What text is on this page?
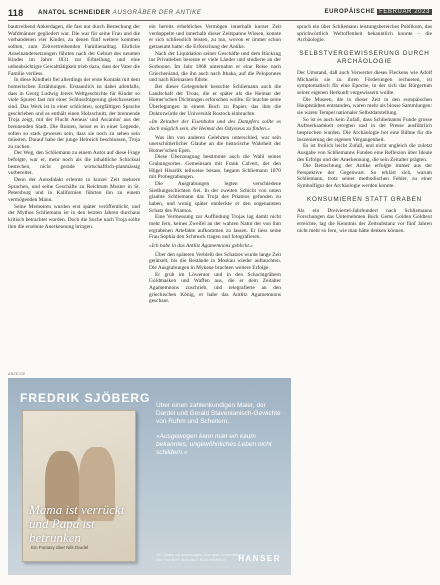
118 ANATOL SCHNEIDER AUSGRÄBER DER ANTIKE	EUROPÄISCHE FEBRUAR 2023

bautrreibend Ankerdagen, die fast nur durch Bestechung der Wafdmänner gegliedert war. Die war für seine Frau und die vorhandenen vier Kinder, zu denen fünf weitere kommen sollten, zum Zeitvertreibenden Familienalltag. Ehrliche Auseinandersetzungen führten nach der Geburt des neunten Kindes im Jahre 1831 zur Erbteilung, und eine unbeabsichtigte Gewalttätigkeit trieb dazu, dass der Vater die Familie verliess.

In diese Kindheit fiel allerdings der erste Kontakt mit dem homerischen Erzählungen. Erstaunlich ist dabei allenfalls, dass in Georg Ludwig Jerers Weltgeschichte für Kinder so viele Spuren fast mit einer Schlussfolgerung gleichzusetzen sind. Das Werk ist in einer schlichten, sorgfältigen Sprache geschrieben und es enthält einen Holzschnitt, der brennende Troja zeigt, mit der Flucht Aeneas' und Ascanius' aus der brennenden Stadt. Die Ruinen, heisst es in einer Legende, sollen so stark gewesen sein, dass sie noch zu sehen sein müssten. Darauf habe der junge Heinrich beschlossen, Troja zu suchen.

Der Weg, den Schliemann zu einem Autor auf diese Frage befolgte, war er, mehr noch als die inhaltliche Schicksal bestechen, nicht gerade wirtschaftlich-planmässig vorbereitet.

Denn der Autodidakt erlernte in kurzer Zeit mehrere Sprachen, und seine Geschäfte zu Reichtum Muster in St. Petersburg und in Kalifornien führten ihn zu einem vermögenden Mann.

Seine Memoiren wurden erst später veröffentlicht, und der Mythos Schliemann ist in den letzten Jahren durchaus kritisch betrachtet worden. Doch die Suche nach Troja sollte ihm die ersehnte Anerkennung bringen.

ein bereits erhebliches Vermögen innerhalb kurzer Zeit verdoppelte und innerhalb dieser Zeitspanne Wissen, konnte er sich schliesslich leisten, zu tun, wovon er immer schon getraeumt hatte: die Erforschung der Antike.

Nach der Liquidation seiner Geschäfte und dem Rückzug ins Privatleben bereiste er viele Länder und studierte an der Sorbonne. Im Jahr 1868 unternahm er eine Reise nach Griechenland, die ihn auch nach Ithaka, auf die Peloponnes und nach Kleinasien führte.

Bei dieser Gelegenheit besuchte Schliemann auch die Landschaft der Troas, die er später als die Heimat der Homer'schen Dichtungen erforschen wollte. Er brachte seine Überlegungen in einem Buch zu Papier, das ihm die Doktorwürde der Universität Rostock einbrachte.

»Im Zeitalter der Eisenbahn und des Dampfers sollte es doch möglich sein, die Heimat des Odysseus zu finden.«

Was ihn von anderen Gelehrten unterschied, war sein unerschütterlicher Glaube an die historische Wahrheit der Homer'schen Epen.

Diese Überzeugung bestimmte auch die Wahl seines Grabungsortes. Gemeinsam mit Frank Calvert, der den Hügel Hisarlik teilweise besass, begann Schliemann 1870 mit Probegrabungen.

Die Ausgrabungen legten verschiedene Siedlungsschichten frei. In der zweiten Schicht von unten glaubte Schliemann das Troja des Priamos gefunden zu haben, und wenig später entdeckte er den sogenannten Schatz des Priamos.

Eine Vermessung zur Auffindung Trojas lag damit nicht mehr fern, keines Zweifel an der wahren Natur der von ihm ergrabenen Artefakte aufkommen zu lassen. Er liess seine Frau Sophia den Schmuck tragen und fotografieren.

»Ich habe in das Antlitz Agamemnons geblickt.«

Über den späteren Verbleib des Schatzes wurde lange Zeit gerätselt, bis die Bestände in Moskau wieder auftauchten. Die Ausgrabungen in Mykene brachten weitere Erfolge.

Er grub im Löwentor und in den Schachtgräbern Goldmasken und Waffen aus, die er dem Zeitalter Agamemnons zuschrieb, und telegrafierte an den griechischen König, er habe das Antlitz Agamemnons geschaut.

sprach ein über Schliemann leistungsbereiches Publikum, das sprichwörtlich Weltoffenheit bekanntlich konnte – die Archäologie.

SELBSTVERGEWISSERUNG DURCH ARCHÄOLOGIE

Der Umstand, daß auch Verwerter dieses Fleckens wie Adolf Michaelis sie zu ihren Förderungen rechneten, ist symptomatisch für eine Epoche, in der sich das Bürgertum seiner eigenen Herkunft vergewissern wollte.

Die Museen, die in dieser Zeit in den europäischen Hauptstädten entstanden, waren mehr als blosse Sammlungen: sie waren Tempel nationaler Selbstdarstellung.

So ist es auch kein Zufall, dass Schliemanns Funde grosse Aufmerksamkeit erregten und in der Presse ausführlich besprochen wurden. Die Archäologie bot eine Bühne für die Inszenierung der eigenen Vergangenheit.

Es ist freilich leicht Zufall, und nicht ungleich die zuletzt Ausgabe von Schliemanns Funden eine Reflexion über Ideale des Erfolgs und der Anerkennung, die sein Zeitalter prägten.

Die Betrachtung der Antike erfolgte immer aus der Perspektive der Gegenwart. So erklärt sich, warum Schliemann, trotz seiner methodischen Fehler, zu einer Symbolfigur der Archäologie werden konnte.

KONSUMIEREN STATT GRABEN

Als ein Dreiviertel-Jahrhundert nach Schliemanns Forschungen das Unternehmen Buck Gems Golden Goldtext erreichte, lag die Kenntnis der Zeitsubstanz vor fünf Jahren nicht mehr so fern, wie man hätte denken können.

ANZEIGE
FREDRIK SJÖBERG
Mama ist verrückt und Papa ist betrunken
Ein Fantasy über Nils Dardel
Über einen zahlenkundigen Maler, der Dardel und Gerald Stavenlanisch-Gewichte von Ruhm und Scheitern.
»Ausgewogen kann man ein kaum bekanntes, ungewöhnliches Leben nicht schildern.«
192 Seiten mit Abbildungen. Aus dem Schwedischen von Paul Berf. Auch als E-Book erhältlich.	HANSER
